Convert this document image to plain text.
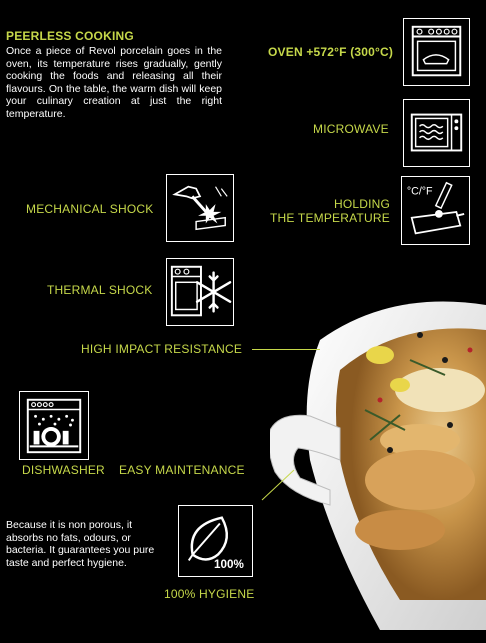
PEERLESS COOKING
Once a piece of Revol porcelain goes in the oven, its temperature rises gradually, gently cooking the foods and releasing all their flavours. On the table, the warm dish will keep your culinary creation at just the right temperature.
OVEN +572°F (300°C)
MICROWAVE
MECHANICAL SHOCK	HOLDING
THE TEMPERATURE
°C/°F
THERMAL SHOCK
HIGH IMPACT RESISTANCE
DISHWASHER EASY MAINTENANCE
Because it is non porous, it absorbs no fats, odours, or bacteria. It guarantees you pure taste and perfect hygiene.	100%
100% HYGIENE
